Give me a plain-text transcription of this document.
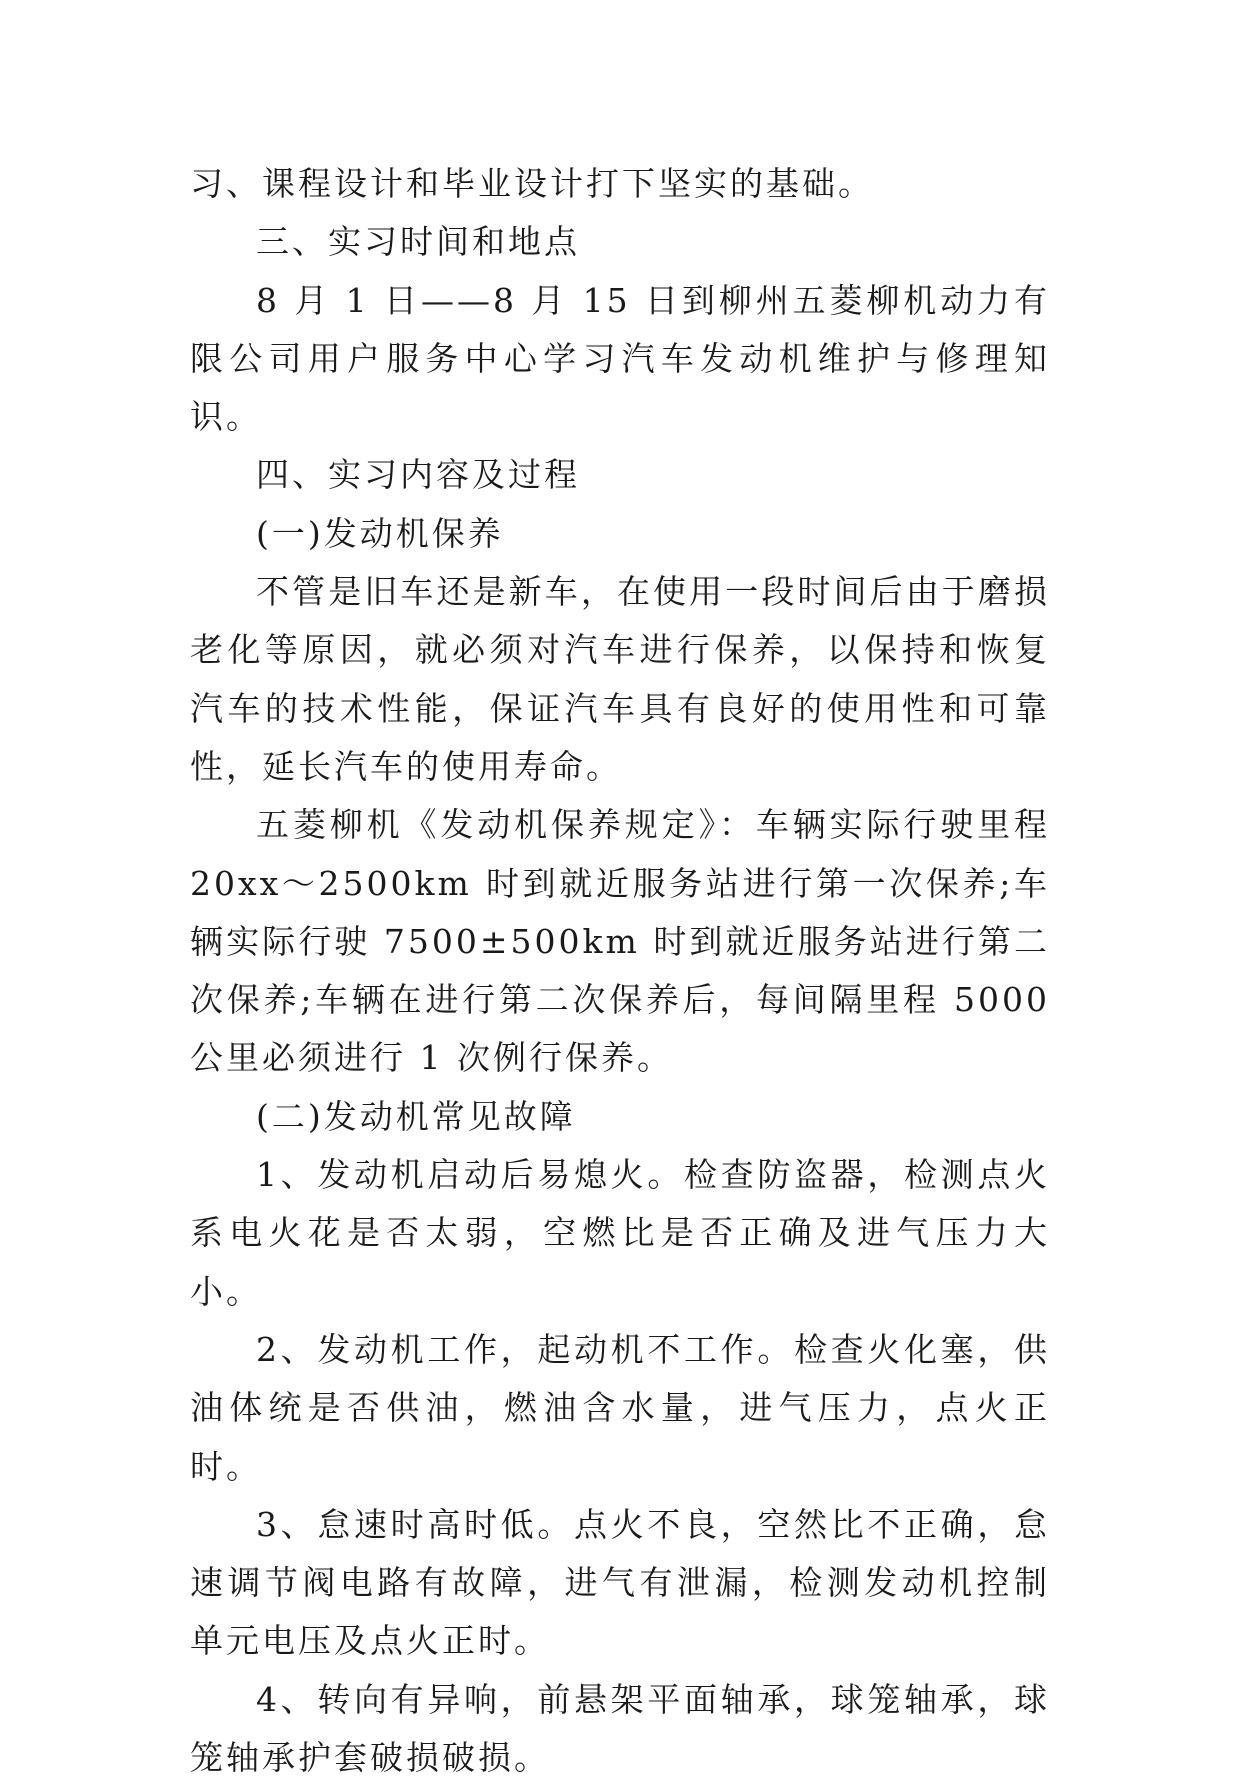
习、课程设计和毕业设计打下坚实的基础。

三、实习时间和地点

8 月 1 日——8 月 15 日到柳州五菱柳机动力有限公司用户服务中心学习汽车发动机维护与修理知识。

四、实习内容及过程

(一)发动机保养

不管是旧车还是新车，在使用一段时间后由于磨损老化等原因，就必须对汽车进行保养，以保持和恢复汽车的技术性能，保证汽车具有良好的使用性和可靠性，延长汽车的使用寿命。

五菱柳机《发动机保养规定》：车辆实际行驶里程 20xx～2500km 时到就近服务站进行第一次保养;车辆实际行驶 7500±500km 时到就近服务站进行第二次保养;车辆在进行第二次保养后，每间隔里程 5000 公里必须进行 1 次例行保养。

(二)发动机常见故障

1、发动机启动后易熄火。检查防盗器，检测点火系电火花是否太弱，空燃比是否正确及进气压力大小。

2、发动机工作，起动机不工作。检查火化塞，供油体统是否供油，燃油含水量，进气压力，点火正时。

3、怠速时高时低。点火不良，空然比不正确，怠速调节阀电路有故障，进气有泄漏，检测发动机控制单元电压及点火正时。

4、转向有异响，前悬架平面轴承，球笼轴承，球笼轴承护套破损破损。
